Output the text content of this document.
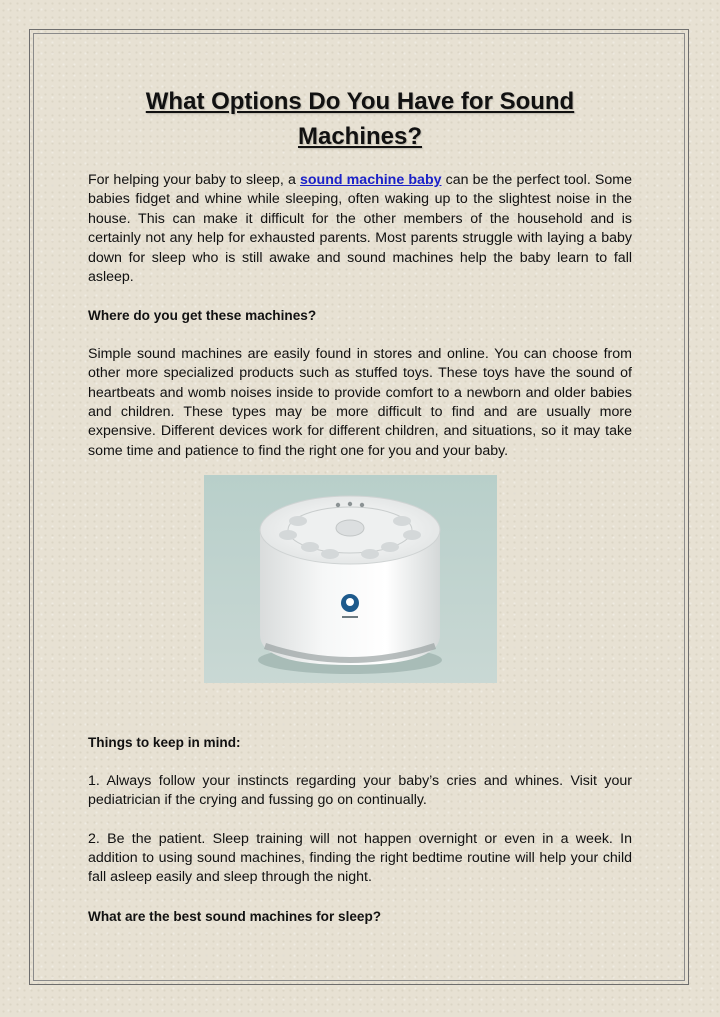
What Options Do You Have for Sound Machines?

For helping your baby to sleep, a sound machine baby can be the perfect tool. Some babies fidget and whine while sleeping, often waking up to the slightest noise in the house. This can make it difficult for the other members of the household and is certainly not any help for exhausted parents. Most parents struggle with laying a baby down for sleep who is still awake and sound machines help the baby learn to fall asleep.

Where do you get these machines?

Simple sound machines are easily found in stores and online. You can choose from other more specialized products such as stuffed toys. These toys have the sound of heartbeats and womb noises inside to provide comfort to a newborn and older babies and children. These types may be more difficult to find and are usually more expensive. Different devices work for different children, and situations, so it may take some time and patience to find the right one for you and your baby.

Things to keep in mind:

1. Always follow your instincts regarding your baby’s cries and whines. Visit your pediatrician if the crying and fussing go on continually.

2. Be the patient. Sleep training will not happen overnight or even in a week. In addition to using sound machines, finding the right bedtime routine will help your child fall asleep easily and sleep through the night.

What are the best sound machines for sleep?
